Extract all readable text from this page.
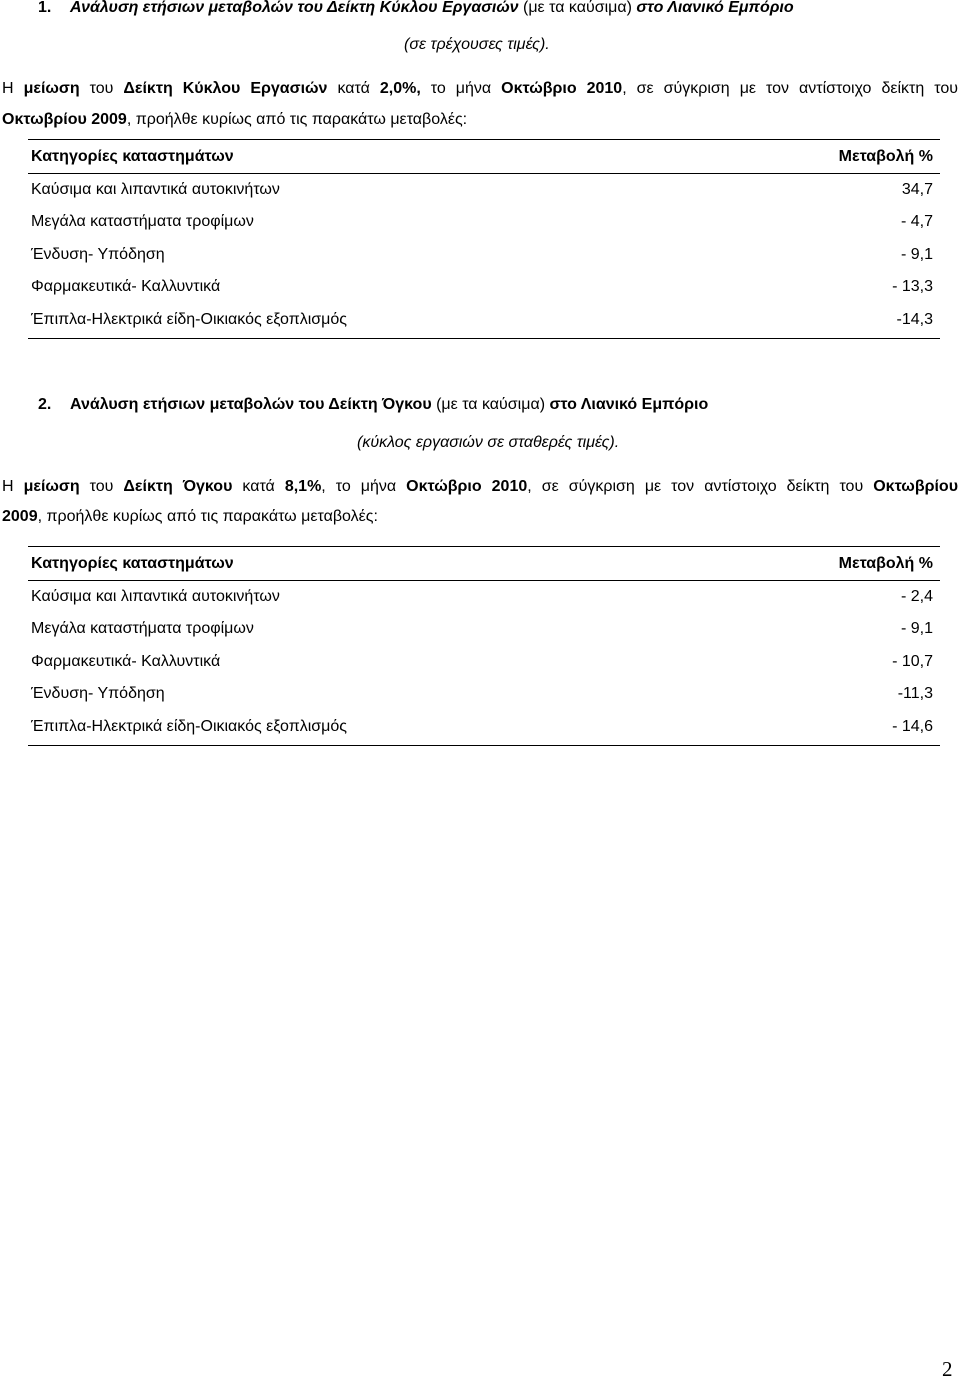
1. Ανάλυση ετήσιων μεταβολών του Δείκτη Κύκλου Εργασιών (με τα καύσιμα) στο Λιανικό Εμπόριο
(σε τρέχουσες τιμές).
Η μείωση του Δείκτη Κύκλου Εργασιών κατά 2,0%, το μήνα Οκτώβριο 2010, σε σύγκριση με τον αντίστοιχο δείκτη του
Οκτωβρίου 2009, προήλθε κυρίως από τις παρακάτω μεταβολές:
Κατηγορίες καταστημάτων	Μεταβολή %
Καύσιμα και λιπαντικά αυτοκινήτων	34,7
Μεγάλα καταστήματα τροφίμων	- 4,7
Ένδυση- Υπόδηση	- 9,1
Φαρμακευτικά- Καλλυντικά	- 13,3
Έπιπλα-Ηλεκτρικά είδη-Οικιακός εξοπλισμός	-14,3
2. Ανάλυση ετήσιων μεταβολών του Δείκτη Όγκου (με τα καύσιμα) στο Λιανικό Εμπόριο
(κύκλος εργασιών σε σταθερές τιμές).
Η μείωση του Δείκτη Όγκου κατά 8,1%, το μήνα Οκτώβριο 2010, σε σύγκριση με τον αντίστοιχο δείκτη του Οκτωβρίου
2009, προήλθε κυρίως από τις παρακάτω μεταβολές:
Κατηγορίες καταστημάτων	Μεταβολή %
Καύσιμα και λιπαντικά αυτοκινήτων	- 2,4
Μεγάλα καταστήματα τροφίμων	- 9,1
Φαρμακευτικά- Καλλυντικά	- 10,7
Ένδυση- Υπόδηση	-11,3
Έπιπλα-Ηλεκτρικά είδη-Οικιακός εξοπλισμός	- 14,6
2
